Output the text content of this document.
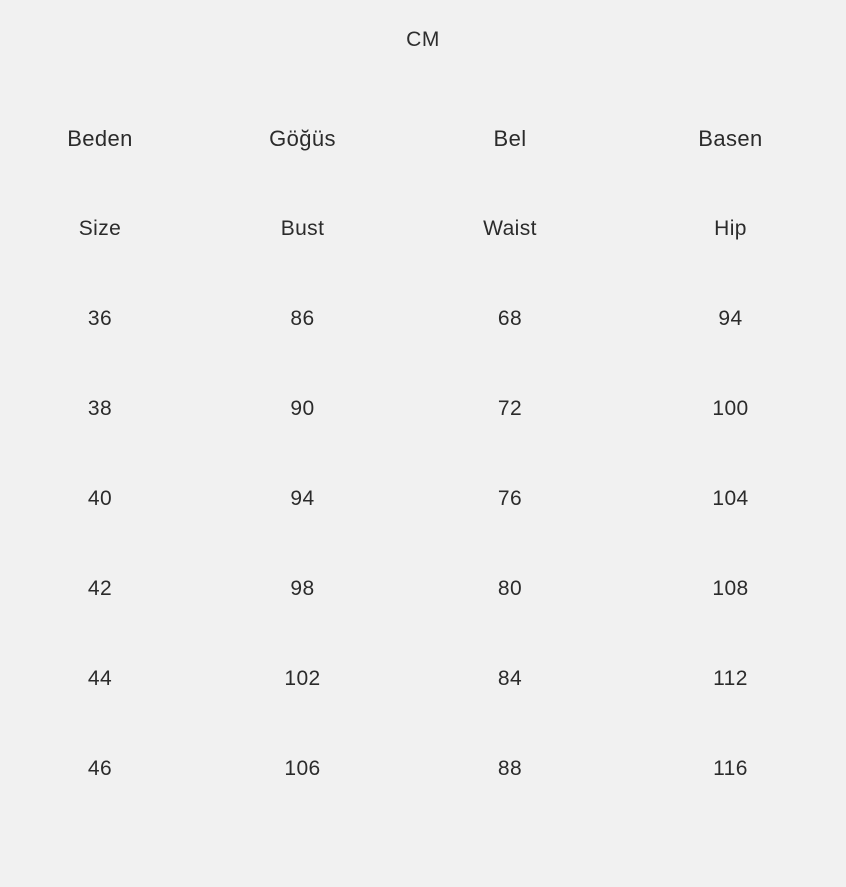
CM
Beden	Göğüs	Bel	Basen
Size	Bust	Waist	Hip
36	86	68	94
38	90	72	100
40	94	76	104
42	98	80	108
44	102	84	112
46	106	88	116
